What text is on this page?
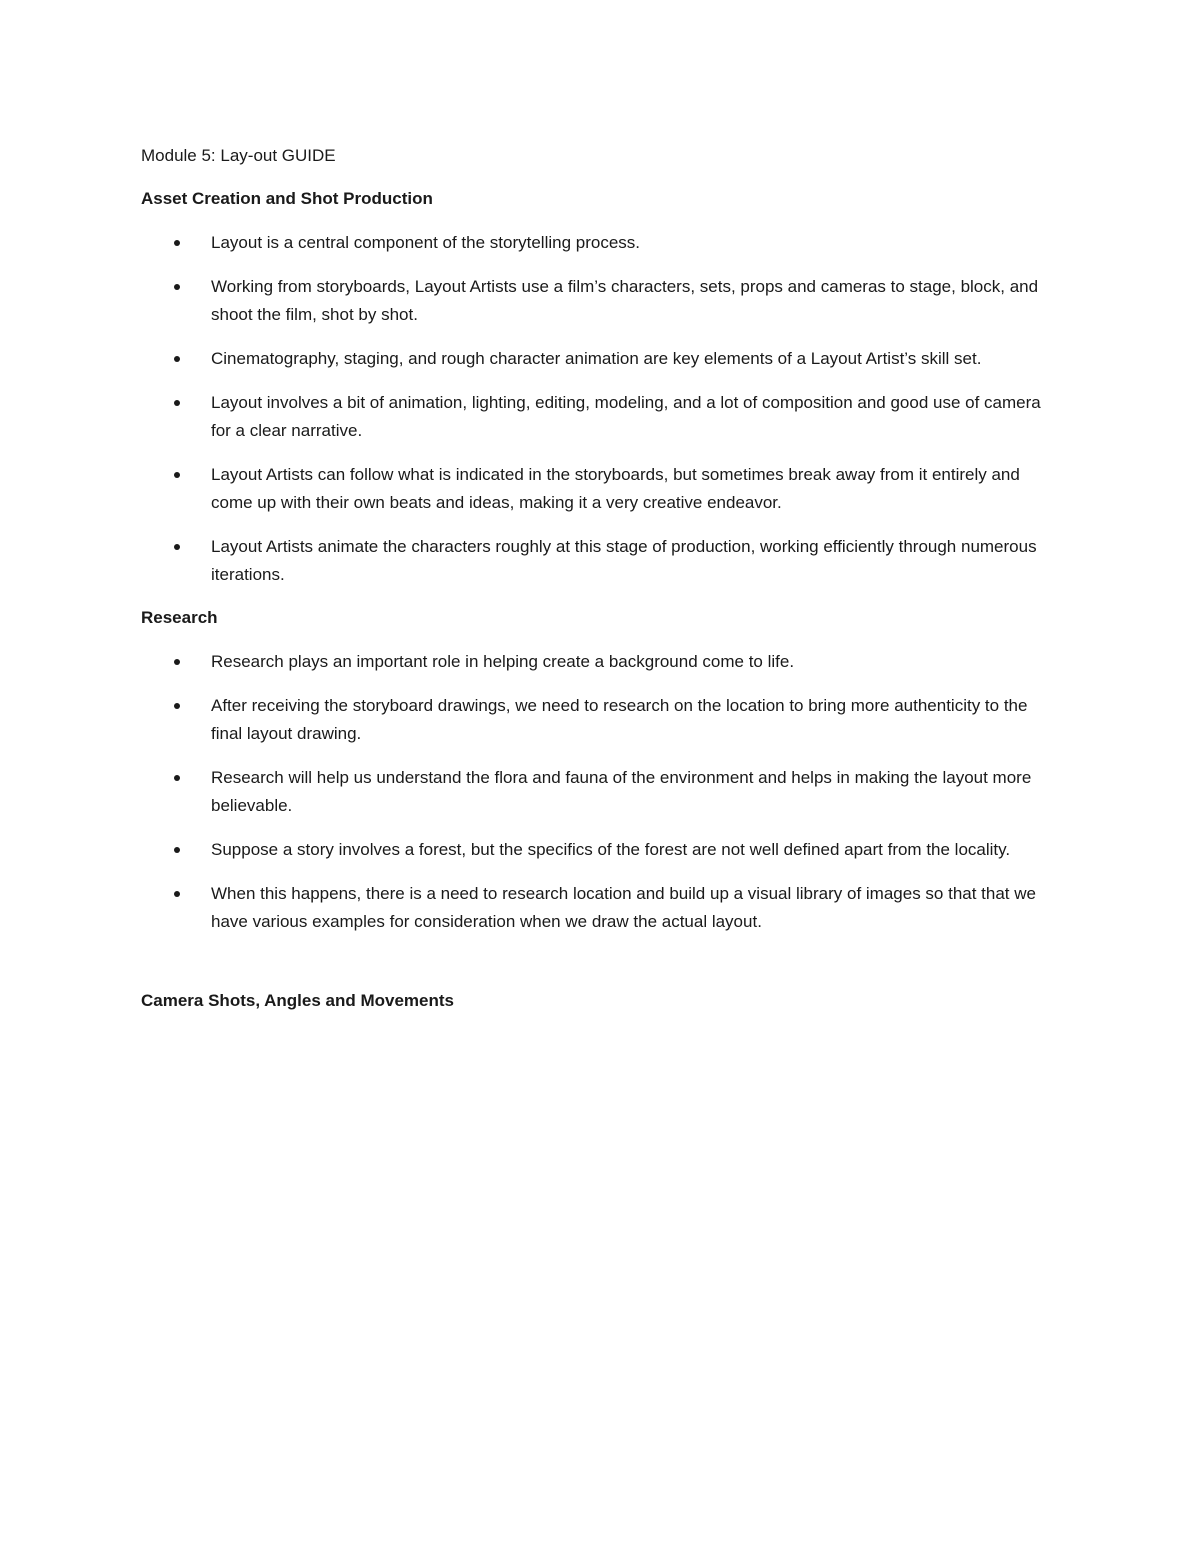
Module 5: Lay-out GUIDE
Asset Creation and Shot Production
Layout is a central component of the storytelling process.
Working from storyboards, Layout Artists use a film’s characters, sets, props and cameras to stage, block, and shoot the film, shot by shot.
Cinematography, staging, and rough character animation are key elements of a Layout Artist’s skill set.
Layout involves a bit of animation, lighting, editing, modeling, and a lot of composition and good use of camera for a clear narrative.
Layout Artists can follow what is indicated in the storyboards, but sometimes break away from it entirely and come up with their own beats and ideas, making it a very creative endeavor.
Layout Artists animate the characters roughly at this stage of production, working efficiently through numerous iterations.
Research
Research plays an important role in helping create a background come to life.
After receiving the storyboard drawings, we need to research on the location to bring more authenticity to the final layout drawing.
Research will help us understand the flora and fauna of the environment and helps in making the layout more believable.
Suppose a story involves a forest, but the specifics of the forest are not well defined apart from the locality.
When this happens, there is a need to research location and build up a visual library of images so that that we have various examples for consideration when we draw the actual layout.
Camera Shots, Angles and Movements
